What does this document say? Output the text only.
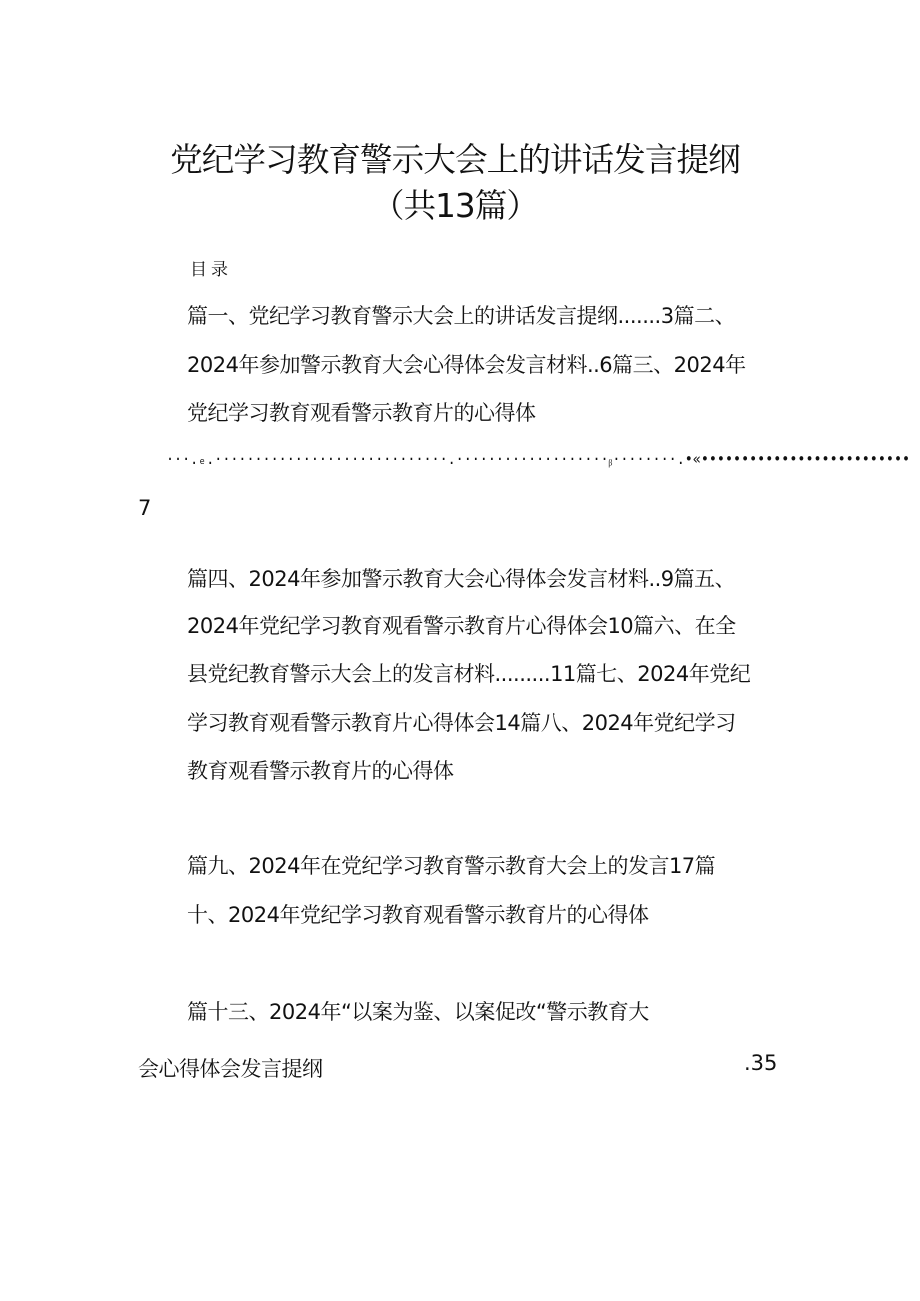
党纪学习教育警示大会上的讲话发言提纲
（共13篇）
目录
篇一、党纪学习教育警示大会上的讲话发言提纲.......3篇二、
2024年参加警示教育大会心得体会发言材料..6篇三、2024年
党纪学习教育观看警示教育片的心得体
···.ₑ.·····························.···················ᵦ········.•«••••••••••••••••••••••••••
7
篇四、2024年参加警示教育大会心得体会发言材料..9篇五、
2024年党纪学习教育观看警示教育片心得体会10篇六、在全
县党纪教育警示大会上的发言材料.........11篇七、2024年党纪
学习教育观看警示教育片心得体会14篇八、2024年党纪学习
教育观看警示教育片的心得体
篇九、2024年在党纪学习教育警示教育大会上的发言17篇
十、2024年党纪学习教育观看警示教育片的心得体
篇十三、2024年“以案为鉴、以案促改“警示教育大
会心得体会发言提纲	.35
